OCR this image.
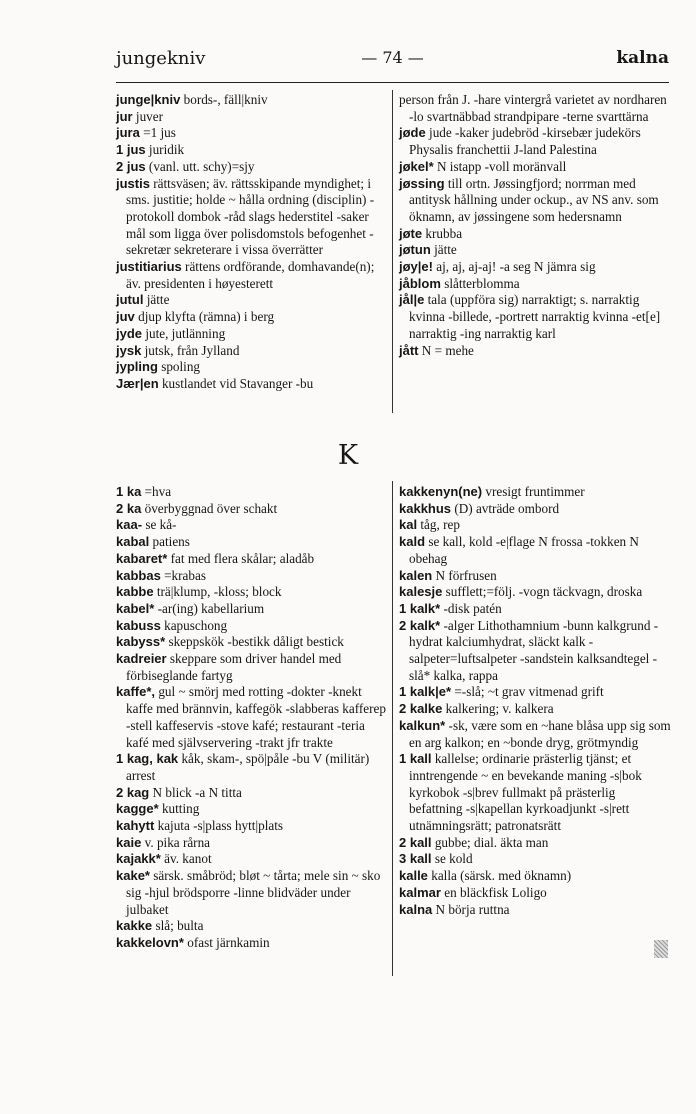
jungekniv	— 74 —	kalna
junge|kniv bords-, fäll|kniv
jur juver
jura =1 jus
1 jus juridik
2 jus (vanl. utt. schy)=sjy
justis rättsväsen; äv. rättsskipande myndighet; i sms. justitie; holde ~ hålla ordning (disciplin) -protokoll dombok -råd slags hederstitel -saker mål som ligga över polisdomstols befogenhet -sekretær sekreterare i vissa överrätter
justitiarius rättens ordförande, domhavande(n); äv. presidenten i høyesterett
jutul jätte
juv djup klyfta (rämna) i berg
jyde jute, jutlänning
jysk jutsk, från Jylland
jypling spoling
Jær|en kustlandet vid Stavanger -bu
person från J. -hare vintergrå varietet av nordharen -lo svartnäbbad strandpipare -terne svarttärna
jøde jude -kaker judebröd -kirsebær judekörs Physalis franchettii J-land Palestina
jøkel* N istapp -voll moränvall
jøssing till ortn. Jøssingfjord; norrman med antitysk hållning under ockup., av NS anv. som öknamn, av jøssingene som hedersnamn
jøte krubba
jøtun jätte
jøy|e! aj, aj, aj-aj! -a seg N jämra sig
jåblom slåtterblomma
jål|e tala (uppföra sig) narraktigt; s. narraktig kvinna -billede, -portrett narraktig kvinna -et[e] narraktig -ing narraktig karl
jått N = mehe
K
1 ka =hva
2 ka överbyggnad över schakt
kaa- se kå-
kabal patiens
kabaret* fat med flera skålar; aladåb
kabbas =krabas
kabbe trä|klump, -kloss; block
kabel* -ar(ing) kabellarium
kabuss kapuschong
kabyss* skeppskök -bestikk dåligt bestick
kadreier skeppare som driver handel med förbiseglande fartyg
kaffe*, gul ~ smörj med rotting -dokter -knekt kaffe med brännvin, kaffegök -slabberas kafferep -stell kaffeservis -stove kafé; restaurant -teria kafé med självservering -trakt jfr trakte
1 kag, kak kåk, skam-, spö|påle -bu V (militär) arrest
2 kag N blick -a N titta
kagge* kutting
kahytt kajuta -s|plass hytt|plats
kaie v. pika rårna
kajakk* äv. kanot
kake* särsk. småbröd; bløt ~ tårta; mele sin ~ sko sig -hjul brödsporre -linne blidväder under julbaket
kakke slå; bulta
kakkelovn* ofast järnkamin
kakkenyn(ne) vresigt fruntimmer
kakkhus (D) avträde ombord
kal tåg, rep
kald se kall, kold -e|flage N frossa -tokken N obehag
kalen N förfrusen
kalesje sufflett;=följ. -vogn täckvagn, droska
1 kalk* -disk patén
2 kalk* -alger Lithothamnium -bunn kalkgrund -hydrat kalciumhydrat, släckt kalk -salpeter=luftsalpeter -sandstein kalksandtegel -slå* kalka, rappa
1 kalk|e* =-slå; ~t grav vitmenad grift
2 kalke kalkering; v. kalkera
kalkun* -sk, være som en ~hane blåsa upp sig som en arg kalkon; en ~bonde dryg, grötmyndig
1 kall kallelse; ordinarie prästerlig tjänst; et inntrengende ~ en bevekande maning -s|bok kyrkobok -s|brev fullmakt på prästerlig befattning -s|kapellan kyrkoadjunkt -s|rett utnämningsrätt; patronatsrätt
2 kall gubbe; dial. äkta man
3 kall se kold
kalle kalla (särsk. med öknamn)
kalmar en bläckfisk Loligo
kalna N börja ruttna
